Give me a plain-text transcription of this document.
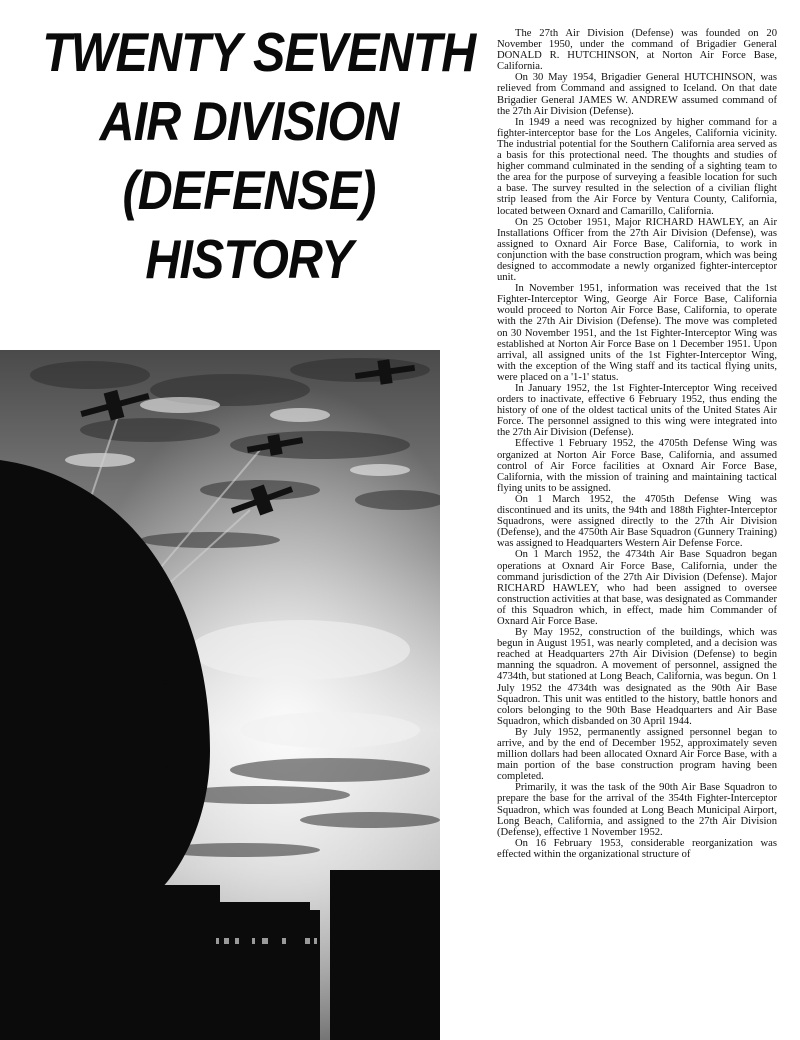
TWENTY SEVENTH
AIR DIVISION
(DEFENSE)
HISTORY

The 27th Air Division (Defense) was founded on 20 November 1950, under the command of Brigadier General DONALD R. HUTCHINSON, at Norton Air Force Base, California.

On 30 May 1954, Brigadier General HUTCHINSON, was relieved from Command and assigned to Iceland. On that date Brigadier General JAMES W. ANDREW assumed command of the 27th Air Division (Defense).

In 1949 a need was recognized by higher command for a fighter-interceptor base for the Los Angeles, California vicinity. The industrial potential for the Southern California area served as a basis for this protectional need. The thoughts and studies of higher command culminated in the sending of a sighting team to the area for the purpose of surveying a feasible location for such a base. The survey resulted in the selection of a civilian flight strip leased from the Air Force by Ventura County, California, located between Oxnard and Camarillo, California.

On 25 October 1951, Major RICHARD HAWLEY, an Air Installations Officer from the 27th Air Division (Defense), was assigned to Oxnard Air Force Base, California, to work in conjunction with the base construction program, which was being designed to accommodate a newly organized fighter-interceptor unit.

In November 1951, information was received that the 1st Fighter-Interceptor Wing, George Air Force Base, California would proceed to Norton Air Force Base, California, to operate with the 27th Air Division (Defense). The move was completed on 30 November 1951, and the 1st Fighter-Interceptor Wing was established at Norton Air Force Base on 1 December 1951. Upon arrival, all assigned units of the 1st Fighter-Interceptor Wing, with the exception of the Wing staff and its tactical flying units, were placed on a '1-1' status.

In January 1952, the 1st Fighter-Interceptor Wing received orders to inactivate, effective 6 February 1952, thus ending the history of one of the oldest tactical units of the United States Air Force. The personnel assigned to this wing were integrated into the 27th Air Division (Defense).

Effective 1 February 1952, the 4705th Defense Wing was organized at Norton Air Force Base, California, and assumed control of Air Force facilities at Oxnard Air Force Base, California, with the mission of training and maintaining tactical flying units to be assigned.

On 1 March 1952, the 4705th Defense Wing was discontinued and its units, the 94th and 188th Fighter-Interceptor Squadrons, were assigned directly to the 27th Air Division (Defense), and the 4750th Air Base Squadron (Gunnery Training) was assigned to Headquarters Western Air Defense Force.

On 1 March 1952, the 4734th Air Base Squadron began operations at Oxnard Air Force Base, California, under the command jurisdiction of the 27th Air Division (Defense). Major RICHARD HAWLEY, who had been assigned to oversee construction activities at that base, was designated as Commander of this Squadron which, in effect, made him Commander of Oxnard Air Force Base.

By May 1952, construction of the buildings, which was begun in August 1951, was nearly completed, and a decision was reached at Headquarters 27th Air Division (Defense) to begin manning the squadron. A movement of personnel, assigned the 4734th, but stationed at Long Beach, California, was begun. On 1 July 1952 the 4734th was designated as the 90th Air Base Squadron. This unit was entitled to the history, battle honors and colors belonging to the 90th Base Headquarters and Air Base Squadron, which disbanded on 30 April 1944.

By July 1952, permanently assigned personnel began to arrive, and by the end of December 1952, approximately seven million dollars had been allocated Oxnard Air Force Base, with a main portion of the base construction program having been completed.

Primarily, it was the task of the 90th Air Base Squadron to prepare the base for the arrival of the 354th Fighter-Interceptor Squadron, which was founded at Long Beach Municipal Airport, Long Beach, California, and assigned to the 27th Air Division (Defense), effective 1 November 1952.

On 16 February 1953, considerable reorganization was effected within the organizational structure of
